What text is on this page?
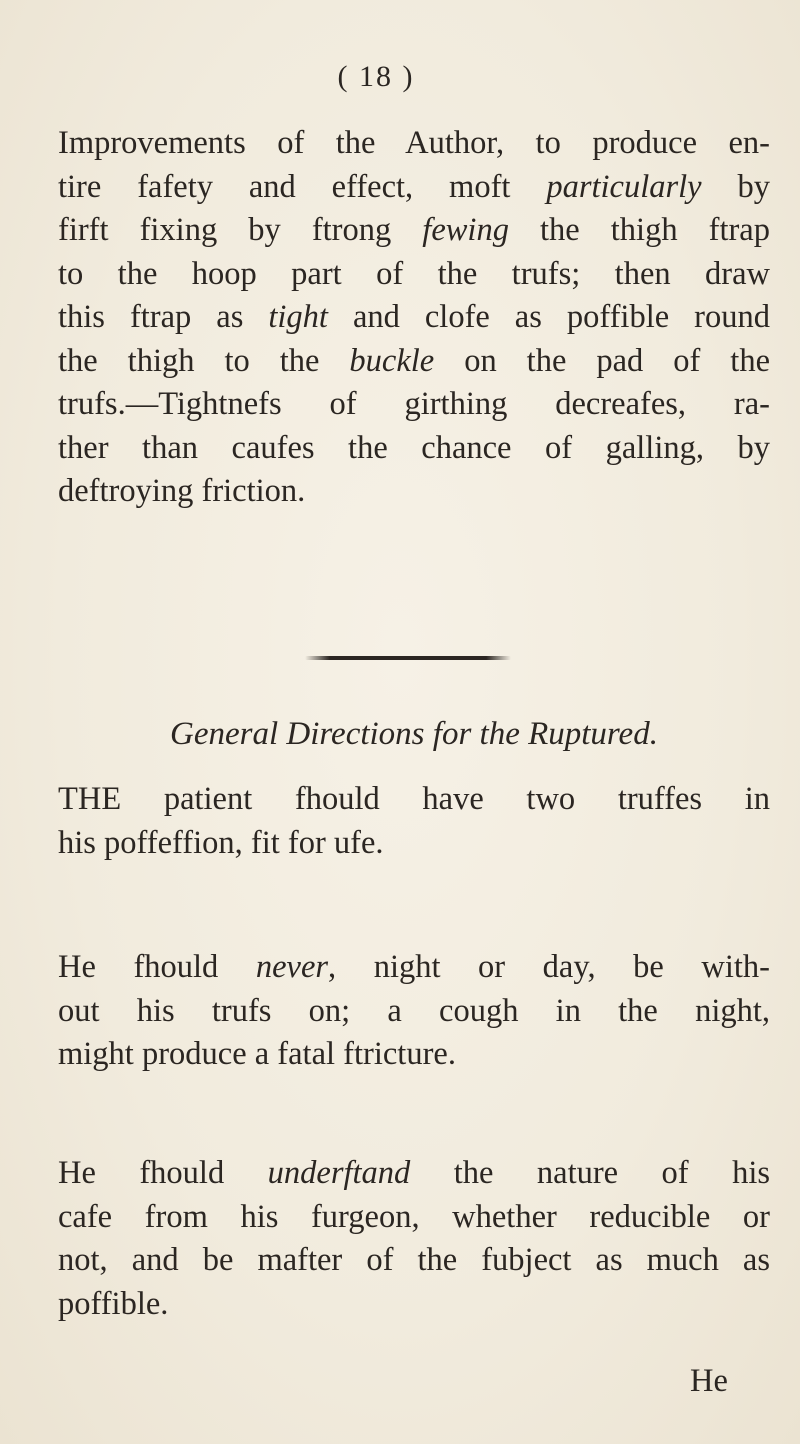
( 18 )

Improvements of the Author, to produce en-
tire fafety and effect, moft particularly by
firft fixing by ftrong fewing the thigh ftrap
to the hoop part of the trufs; then draw
this ftrap as tight and clofe as poffible round
the thigh to the buckle on the pad of the
trufs.—Tightnefs of girthing decreafes, ra-
ther than caufes the chance of galling, by
deftroying friction.

General Directions for the Ruptured.

THE patient fhould have two truffes in
his poffeffion, fit for ufe.

He fhould never, night or day, be with-
out his trufs on; a cough in the night,
might produce a fatal ftricture.

He fhould underftand the nature of his
cafe from his furgeon, whether reducible or
not, and be mafter of the fubject as much as
poffible.

He
